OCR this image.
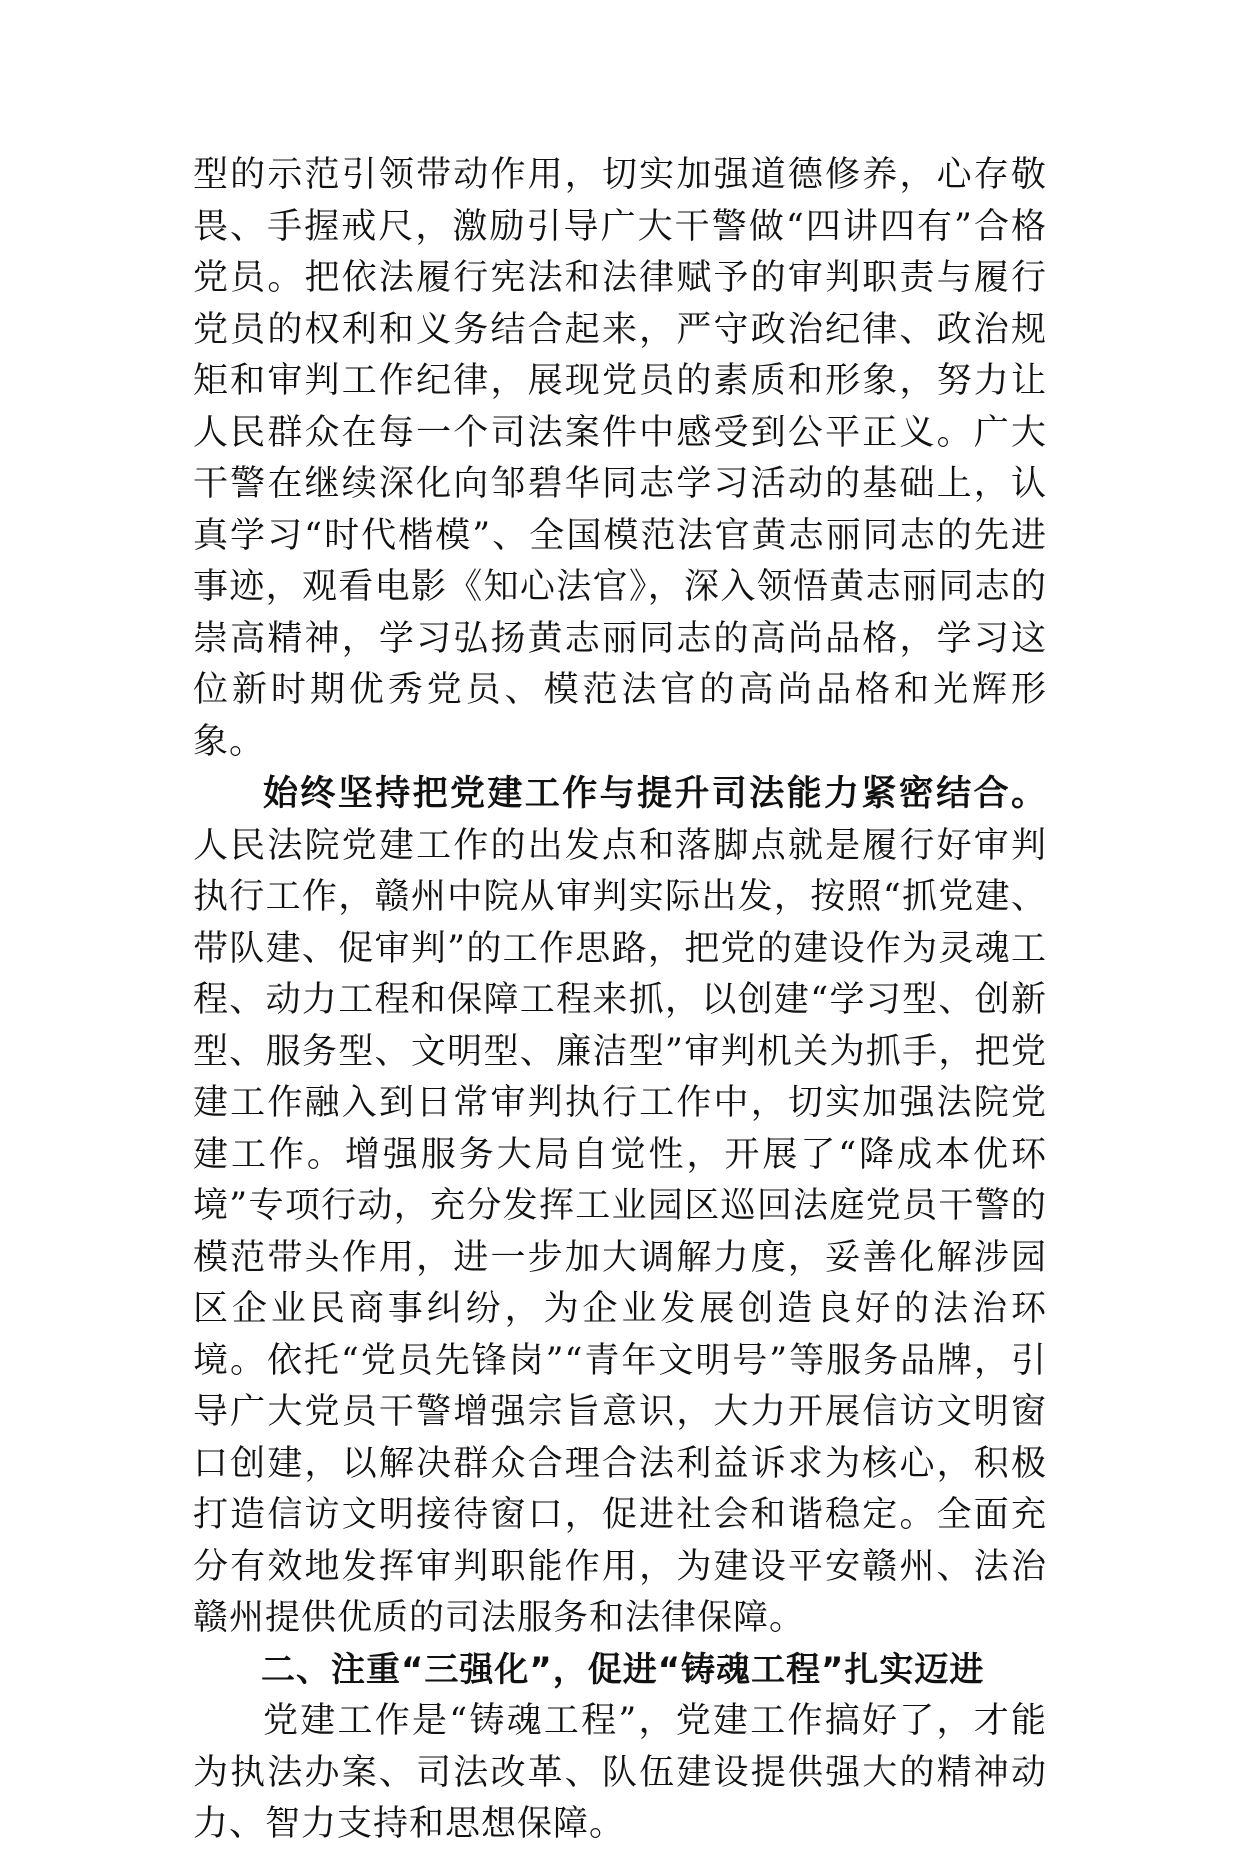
型的示范引领带动作用，切实加强道德修养，心存敬畏、手握戒尺，激励引导广大干警做“四讲四有”合格党员。把依法履行宪法和法律赋予的审判职责与履行党员的权利和义务结合起来，严守政治纪律、政治规矩和审判工作纪律，展现党员的素质和形象，努力让人民群众在每一个司法案件中感受到公平正义。广大干警在继续深化向邹碧华同志学习活动的基础上，认真学习“时代楷模”、全国模范法官黄志丽同志的先进事迹，观看电影《知心法官》，深入领悟黄志丽同志的崇高精神，学习弘扬黄志丽同志的高尚品格，学习这位新时期优秀党员、模范法官的高尚品格和光辉形象。

始终坚持把党建工作与提升司法能力紧密结合。人民法院党建工作的出发点和落脚点就是履行好审判执行工作，赣州中院从审判实际出发，按照“抓党建、带队建、促审判”的工作思路，把党的建设作为灵魂工程、动力工程和保障工程来抓，以创建“学习型、创新型、服务型、文明型、廉洁型”审判机关为抓手，把党建工作融入到日常审判执行工作中，切实加强法院党建工作。增强服务大局自觉性，开展了“降成本优环境”专项行动，充分发挥工业园区巡回法庭党员干警的模范带头作用，进一步加大调解力度，妥善化解涉园区企业民商事纠纷，为企业发展创造良好的法治环境。依托“党员先锋岗”“青年文明号”等服务品牌，引导广大党员干警增强宗旨意识，大力开展信访文明窗口创建，以解决群众合理合法利益诉求为核心，积极打造信访文明接待窗口，促进社会和谐稳定。全面充分有效地发挥审判职能作用，为建设平安赣州、法治赣州提供优质的司法服务和法律保障。

二、注重“三强化”，促进“铸魂工程”扎实迈进

党建工作是“铸魂工程”，党建工作搞好了，才能为执法办案、司法改革、队伍建设提供强大的精神动力、智力支持和思想保障。
